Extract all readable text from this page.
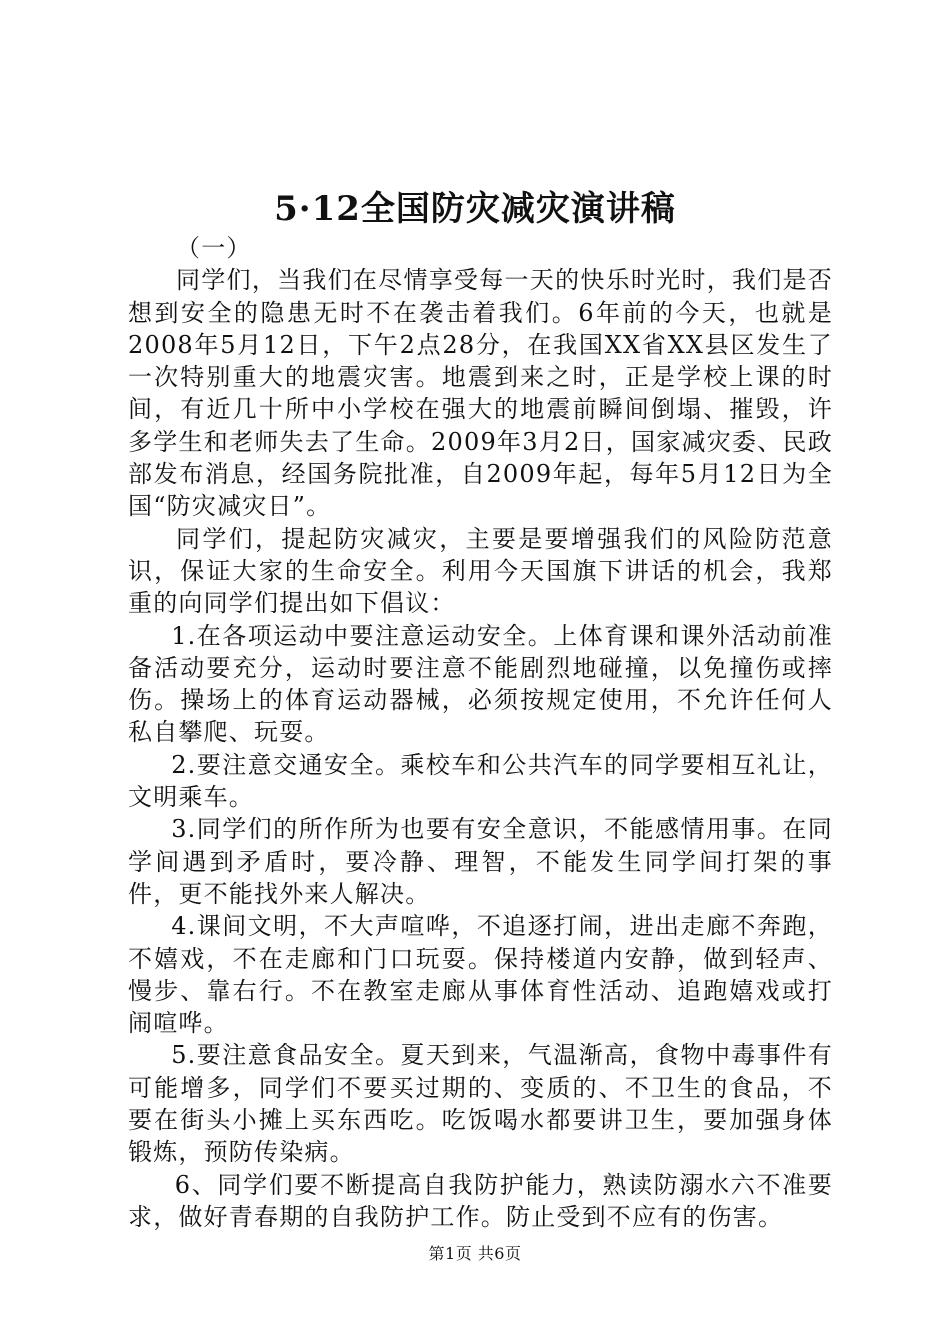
5·12全国防灾减灾演讲稿

（一）

同学们，当我们在尽情享受每一天的快乐时光时，我们是否想到安全的隐患无时不在袭击着我们。6年前的今天，也就是2008年5月12日，下午2点28分，在我国XX省XX县区发生了一次特别重大的地震灾害。地震到来之时，正是学校上课的时间，有近几十所中小学校在强大的地震前瞬间倒塌、摧毁，许多学生和老师失去了生命。2009年3月2日，国家减灾委、民政部发布消息，经国务院批准，自2009年起，每年5月12日为全国“防灾减灾日”。

同学们，提起防灾减灾，主要是要增强我们的风险防范意识，保证大家的生命安全。利用今天国旗下讲话的机会，我郑重的向同学们提出如下倡议：

1.在各项运动中要注意运动安全。上体育课和课外活动前准备活动要充分，运动时要注意不能剧烈地碰撞，以免撞伤或摔伤。操场上的体育运动器械，必须按规定使用，不允许任何人私自攀爬、玩耍。

2.要注意交通安全。乘校车和公共汽车的同学要相互礼让，文明乘车。

3.同学们的所作所为也要有安全意识，不能感情用事。在同学间遇到矛盾时，要冷静、理智，不能发生同学间打架的事件，更不能找外来人解决。

4.课间文明，不大声喧哗，不追逐打闹，进出走廊不奔跑，不嬉戏，不在走廊和门口玩耍。保持楼道内安静，做到轻声、慢步、靠右行。不在教室走廊从事体育性活动、追跑嬉戏或打闹喧哗。

5.要注意食品安全。夏天到来，气温渐高，食物中毒事件有可能增多，同学们不要买过期的、变质的、不卫生的食品，不要在街头小摊上买东西吃。吃饭喝水都要讲卫生，要加强身体锻炼，预防传染病。

6、同学们要不断提高自我防护能力，熟读防溺水六不准要求，做好青春期的自我防护工作。防止受到不应有的伤害。

第1页 共6页
